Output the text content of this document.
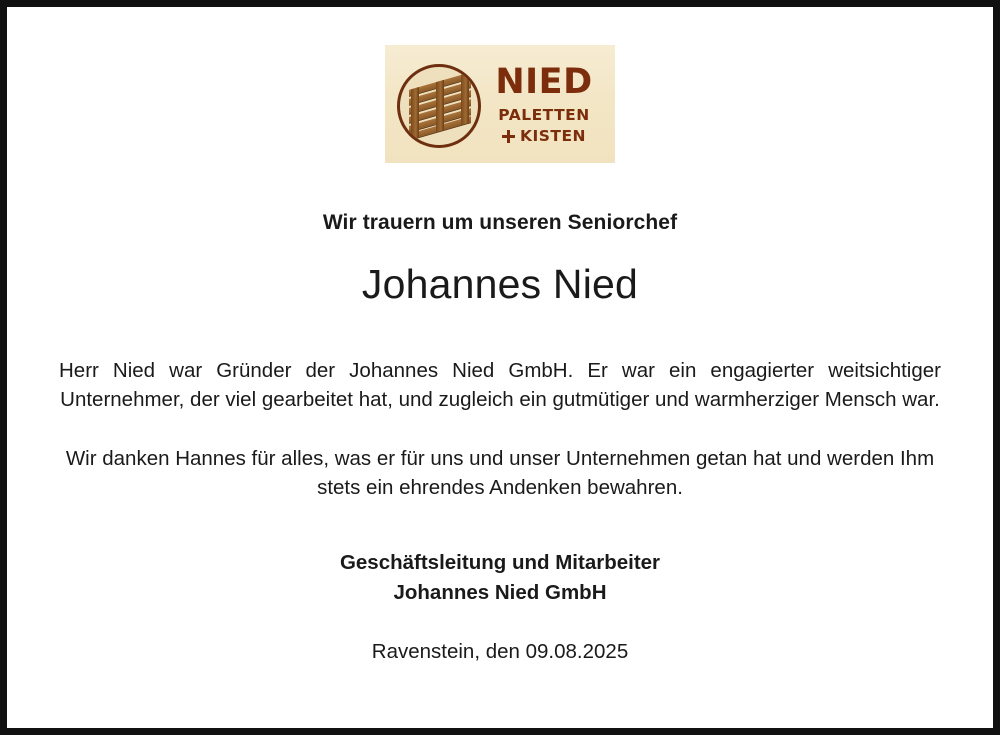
NIED
PALETTEN
KISTEN
Wir trauern um unseren Seniorchef
Johannes Nied

Herr Nied war Gründer der Johannes Nied GmbH. Er war ein engagierter weitsichtiger Unternehmer, der viel gearbeitet hat, und zugleich ein gutmütiger und warmherziger Mensch war.

Wir danken Hannes für alles, was er für uns und unser Unternehmen getan hat und werden Ihm stets ein ehrendes Andenken bewahren.

Geschäftsleitung und Mitarbeiter
Johannes Nied GmbH
Ravenstein, den 09.08.2025
